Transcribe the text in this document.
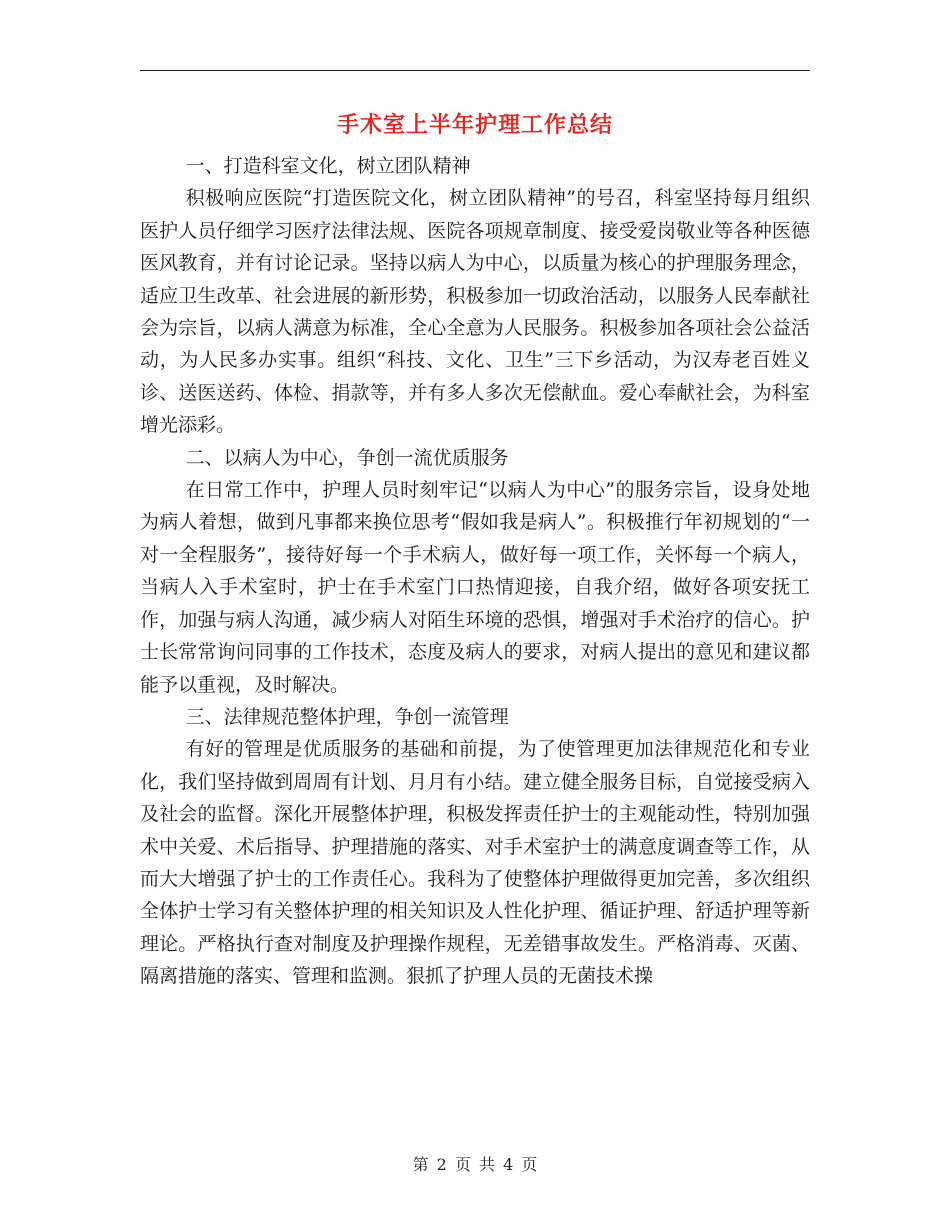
手术室上半年护理工作总结

一、打造科室文化，树立团队精神

积极响应医院“打造医院文化，树立团队精神”的号召，科室坚持每月组织医护人员仔细学习医疗法律法规、医院各项规章制度、接受爱岗敬业等各种医德医风教育，并有讨论记录。坚持以病人为中心，以质量为核心的护理服务理念，适应卫生改革、社会进展的新形势，积极参加一切政治活动，以服务人民奉献社会为宗旨，以病人满意为标准，全心全意为人民服务。积极参加各项社会公益活动，为人民多办实事。组织“科技、文化、卫生”三下乡活动，为汉寿老百姓义诊、送医送药、体检、捐款等，并有多人多次无偿献血。爱心奉献社会，为科室增光添彩。

二、以病人为中心，争创一流优质服务

在日常工作中，护理人员时刻牢记“以病人为中心”的服务宗旨，设身处地为病人着想，做到凡事都来换位思考“假如我是病人”。积极推行年初规划的“一对一全程服务”，接待好每一个手术病人，做好每一项工作，关怀每一个病人，当病人入手术室时，护士在手术室门口热情迎接，自我介绍，做好各项安抚工作，加强与病人沟通，减少病人对陌生环境的恐惧，增强对手术治疗的信心。护士长常常询问同事的工作技术，态度及病人的要求，对病人提出的意见和建议都能予以重视，及时解决。

三、法律规范整体护理，争创一流管理

有好的管理是优质服务的基础和前提，为了使管理更加法律规范化和专业化，我们坚持做到周周有计划、月月有小结。建立健全服务目标，自觉接受病入及社会的监督。深化开展整体护理，积极发挥责任护士的主观能动性，特别加强术中关爱、术后指导、护理措施的落实、对手术室护士的满意度调查等工作，从而大大增强了护士的工作责任心。我科为了使整体护理做得更加完善，多次组织全体护士学习有关整体护理的相关知识及人性化护理、循证护理、舒适护理等新理论。严格执行查对制度及护理操作规程，无差错事故发生。严格消毒、灭菌、隔离措施的落实、管理和监测。狠抓了护理人员的无菌技术操

第 2 页 共 4 页
